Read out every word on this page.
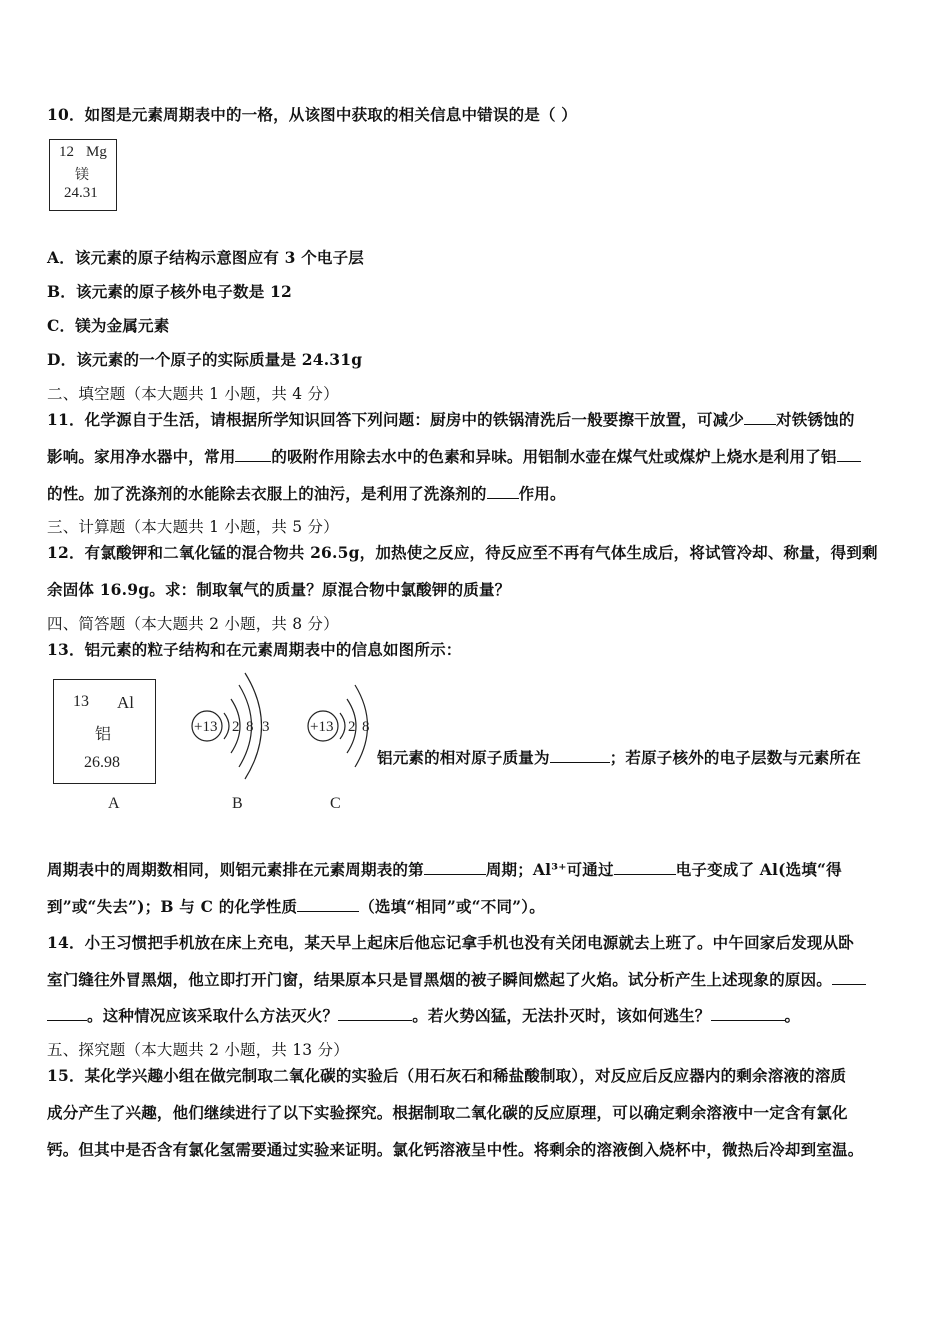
10．如图是元素周期表中的一格，从该图中获取的相关信息中错误的是（ ）
12 Mg
镁
24.31
A．该元素的原子结构示意图应有 3 个电子层
B．该元素的原子核外电子数是 12
C．镁为金属元素
D．该元素的一个原子的实际质量是 24.31g
二、填空题（本大题共 1 小题，共 4 分）
11．化学源自于生活，请根据所学知识回答下列问题：厨房中的铁锅清洗后一般要擦干放置，可减少 对铁锈蚀的
影响。家用净水器中，常用 的吸附作用除去水中的色素和异味。用铝制水壶在煤气灶或煤炉上烧水是利用了铝
的性。加了洗涤剂的水能除去衣服上的油污，是利用了洗涤剂的 作用。
三、计算题（本大题共 1 小题，共 5 分）
12．有氯酸钾和二氧化锰的混合物共 26.5g，加热使之反应，待反应至不再有气体生成后，将试管冷却、称量，得到剩
余固体 16.9g。求：制取氧气的质量？原混合物中氯酸钾的质量？
四、简答题（本大题共 2 小题，共 8 分）
13．铝元素的粒子结构和在元素周期表中的信息如图所示：
13 Al
铝
26.98
+13 2 8 3	+13 2 8
A	B	C
铝元素的相对原子质量为	；若原子核外的电子层数与元素所在
周期表中的周期数相同，则铝元素排在元素周期表的第	周期；Al³⁺可通过	电子变成了 Al(选填“得
到”或“失去”)；B 与 C 的化学性质	（选填“相同”或“不同”）。
14．小王习惯把手机放在床上充电，某天早上起床后他忘记拿手机也没有关闭电源就去上班了。中午回家后发现从卧
室门缝往外冒黑烟，他立即打开门窗，结果原本只是冒黑烟的被子瞬间燃起了火焰。试分析产生上述现象的原因。
。这种情况应该采取什么方法灭火？	。若火势凶猛，无法扑灭时，该如何逃生？	。
五、探究题（本大题共 2 小题，共 13 分）
15．某化学兴趣小组在做完制取二氧化碳的实验后（用石灰石和稀盐酸制取），对反应后反应器内的剩余溶液的溶质
成分产生了兴趣，他们继续进行了以下实验探究。根据制取二氧化碳的反应原理，可以确定剩余溶液中一定含有氯化
钙。但其中是否含有氯化氢需要通过实验来证明。氯化钙溶液呈中性。将剩余的溶液倒入烧杯中，微热后冷却到室温。
